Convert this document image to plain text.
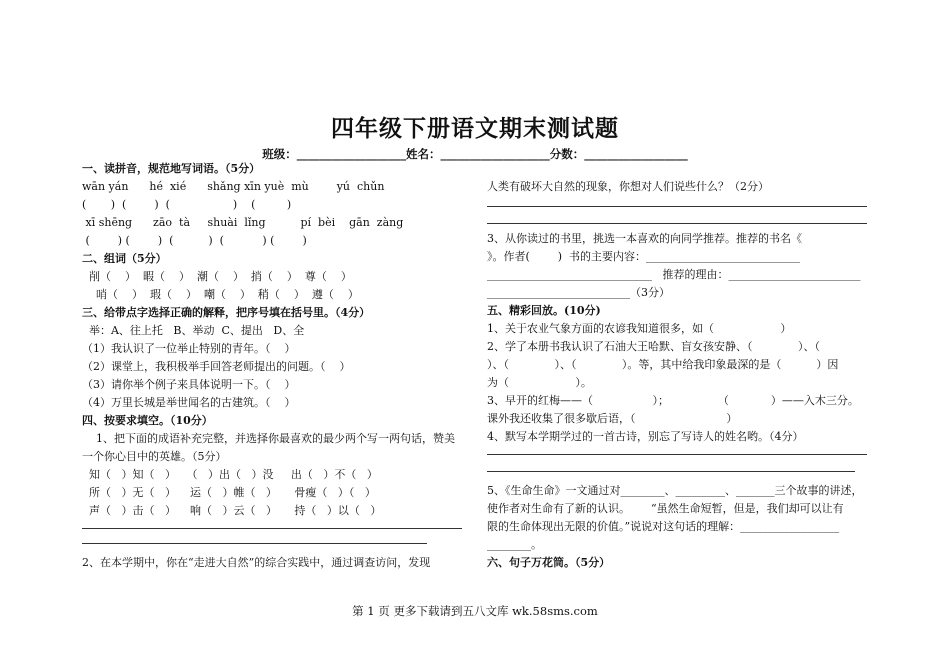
四年级下册语文期末测试题
班级：___________________姓名：___________________分数：__________________
一、读拼音，规范地写词语。（5分）
wān yán      hé  xié      shǎng xīn yuè  mù        yú  chǔn
(       )  (        )  (                  )    (         )
xī shēng      zāo  tà     shuài  lǐng          pí  bèi    gān  zàng
(        ) (        )  (          )  (           ) (        )
二、组词（5分）
削（    ）  暇（    ）  潮（    ）  捎（    ）  尊（    ）
哨（    ）  瑕（    ）  嘲（    ）  稍（    ）  遵（    ）
三、给带点字选择正确的解释，把序号填在括号里。（4分）
举：A、往上托   B、举动  C、提出   D、全
（1）我认识了一位举止特别的青年。（    ）
（2）课堂上，我积极举手回答老师提出的问题。（    ）
（3）请你举个例子来具体说明一下。（    ）
（4）万里长城是举世闻名的古建筑。（    ）
四、按要求填空。（10分）
1、把下面的成语补充完整，并选择你最喜欢的最少两个写一两句话，赞美
一个你心目中的英雄。（5分）
知（   ）知（   ）   （   ）出（   ）没     出（   ）不（   ）
所（   ）无（   ）    运（   ）帷（   ）     骨瘦（   ）（   ）
声（   ）击（   ）    响（   ）云（   ）     持（   ）以（   ）
2、在本学期中，你在“走进大自然”的综合实践中，通过调查访问，发现
人类有破坏大自然的现象，你想对人们说些什么？（2分）
3、从你读过的书里，挑选一本喜欢的向同学推荐。推荐的书名《
》。作者(        )  书的主要内容：____________________________
______________________________   推荐的理由：________________________
__________________________（3分）
五、精彩回放。(10分)
1、关于农业气象方面的农谚我知道很多，如（                   ）
2、学了本册书我认识了石油大王哈默、盲女孩安静、（             ）、（
）、（             ）、（             ）。等，其中给我印象最深的是（          ）因
为（                   ）。
3、早开的红梅——（                 ）；              （            ）——入木三分。
课外我还收集了很多歇后语，（                          ）
4、默写本学期学过的一首古诗，别忘了写诗人的姓名哟。（4分）
5、《生命生命》一文通过对________、_________、_______三个故事的讲述，
使作者对生命有了新的认识。      “虽然生命短暂，但是，我们却可以让有
限的生命体现出无限的价值。”说说对这句话的理解：__________________
________。
六、句子万花筒。（5分）
第 1 页 更多下载请到五八文库 wk.58sms.com
